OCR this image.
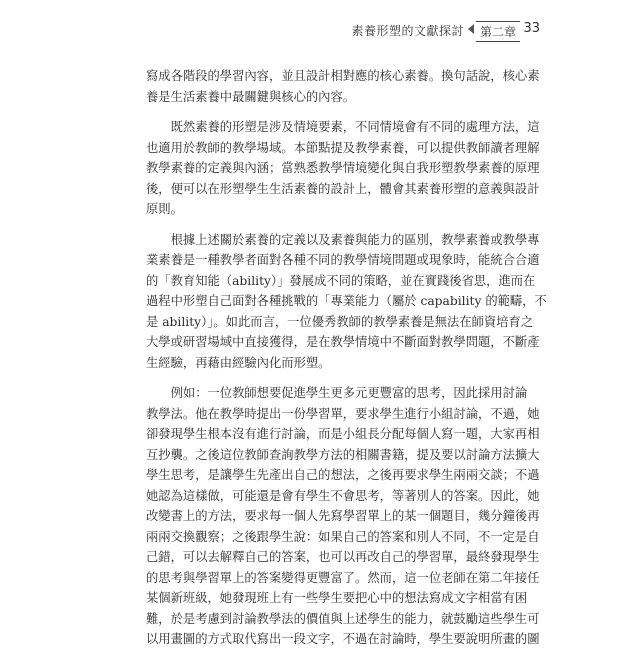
素養形塑的文獻探討	第二章 33
寫成各階段的學習內容，並且設計相對應的核心素養。換句話說，核心素
養是生活素養中最關鍵與核心的內容。
　　既然素養的形塑是涉及情境要素，不同情境會有不同的處理方法，這
也適用於教師的教學場域。本節點提及教學素養，可以提供教師讀者理解
教學素養的定義與內涵；當熟悉教學情境變化與自我形塑教學素養的原理
後，便可以在形塑學生生活素養的設計上，體會其素養形塑的意義與設計
原則。
　　根據上述關於素養的定義以及素養與能力的區別，教學素養或教學專
業素養是一種教學者面對各種不同的教學情境問題或現象時，能統合合適
的「教育知能（ability）」發展成不同的策略，並在實踐後省思，進而在
過程中形塑自己面對各種挑戰的「專業能力（屬於 capability 的範疇，不
是 ability）」。如此而言，一位優秀教師的教學素養是無法在師資培育之
大學或研習場域中直接獲得，是在教學情境中不斷面對教學問題，不斷產
生經驗，再藉由經驗內化而形塑。
　　例如：一位教師想要促進學生更多元更豐富的思考，因此採用討論
教學法。他在教學時提出一份學習單，要求學生進行小組討論，不過，她
卻發現學生根本沒有進行討論，而是小組長分配每個人寫一題，大家再相
互抄襲。之後這位教師查詢教學方法的相關書籍，提及要以討論方法擴大
學生思考，是讓學生先產出自己的想法，之後再要求學生兩兩交談；不過
她認為這樣做，可能還是會有學生不會思考，等著別人的答案。因此，她
改變書上的方法，要求每一個人先寫學習單上的某一個題目，幾分鐘後再
兩兩交換觀察；之後跟學生說：如果自己的答案和別人不同，不一定是自
己錯，可以去解釋自己的答案，也可以再改自己的學習單，最終發現學生
的思考與學習單上的答案變得更豐富了。然而，這一位老師在第二年接任
某個新班級，她發現班上有一些學生要把心中的想法寫成文字相當有困
難，於是考慮到討論教學法的價值與上述學生的能力，就鼓勵這些學生可
以用畫圖的方式取代寫出一段文字，不過在討論時，學生要說明所畫的圖
